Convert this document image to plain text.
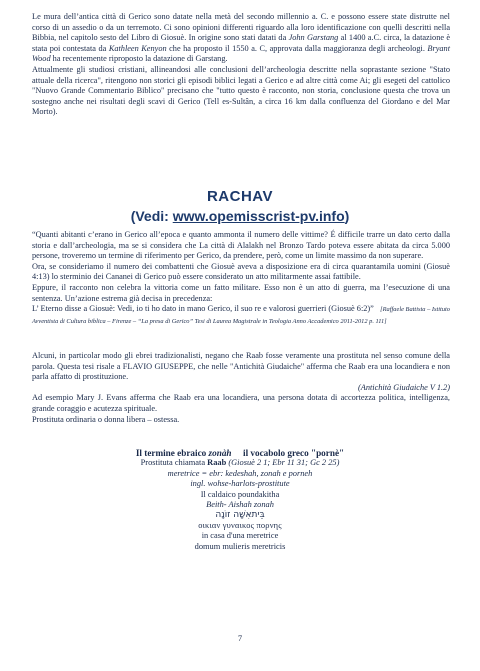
Le mura dell’antica città di Gerico sono datate nella metà del secondo millennio a. C. e possono essere state distrutte nel corso di un assedio o da un terremoto. Ci sono opinioni differenti riguardo alla loro identificazione con quelli descritti nella Bibbia, nel capitolo sesto del Libro di Giosuè. In origine sono stati datati da John Garstang al 1400 a.C. circa, la datazione è stata poi contestata da Kathleen Kenyon che ha proposto il 1550 a. C, approvata dalla maggioranza degli archeologi. Bryant Wood ha recentemente riproposto la datazione di Garstang.

Attualmente gli studiosi cristiani, allineandosi alle conclusioni dell’archeologia descritte nella soprastante sezione "Stato attuale della ricerca", ritengono non storici gli episodi biblici legati a Gerico e ad altre città come Ai; gli esegeti del cattolico "Nuovo Grande Commentario Biblico" precisano che "tutto questo è racconto, non storia, conclusione questa che trova un sostegno anche nei risultati degli scavi di Gerico (Tell es-Sultân, a circa 16 km dalla confluenza del Giordano e del Mar Morto).

RACHAV
(Vedi: www.opemisscrist-pv.info)

“Quanti abitanti c’erano in Gerico all’epoca e quanto ammonta il numero delle vittime? É difficile trarre un dato certo dalla storia e dall’archeologia, ma se si considera che La città di Alalakh nel Bronzo Tardo poteva essere abitata da circa 5.000 persone, troveremo un termine di riferimento per Gerico, da prendere, però, come un limite massimo da non superare.

Ora, se consideriamo il numero dei combattenti che Giosuè aveva a disposizione era di circa quarantamila uomini (Giosuè 4:13) lo sterminio dei Cananei di Gerico può essere considerato un atto militarmente assai fattibile.

Eppure, il racconto non celebra la vittoria come un fatto militare. Esso non è un atto di guerra, ma l’esecuzione di una sentenza. Un’azione estrema già decisa in precedenza:

L’ Eterno disse a Giosuè: Vedi, io ti ho dato in mano Gerico, il suo re e valorosi guerrieri (Giosuè 6:2)” [Raffaele Battista – Istituto Avventista di Cultura biblica – Firenze – “La presa di Gerico” Tesi di Laurea Magistrale in Teologia Anno Accademico 2011-2012 p. 111]

Alcuni, in particolar modo gli ebrei tradizionalisti, negano che Raab fosse veramente una prostituta nel senso comune della parola. Questa tesi risale a FLAVIO GIUSEPPE, che nelle "Antichità Giudaiche" afferma che Raab era una locandiera e non parla affatto di prostituzione.

(Antichità Giudaiche V 1.2)

Ad esempio Mary J. Evans afferma che Raab era una locandiera, una persona dotata di accortezza politica, intelligenza, grande coraggio e acutezza spirituale.

Prostituta ordinaria o donna libera – ostessa.

Il termine ebraico zonàh     il vocabolo greco "pornè"
Prostituta chiamata Raab (Giosuè 2 1; Ebr 11 31; Gc 2 25)
meretrice = ebr: kedeshah, zonah e porneh
ingl. wohse-harlots-prostitute
Il caldaico poundakitha
Beith- Aishah zonah
בֵּיתאִשָּׁה זוֹנָה
οικιαν γυναικος πορνης
in casa d'una meretrice
domum mulieris meretricis
7
